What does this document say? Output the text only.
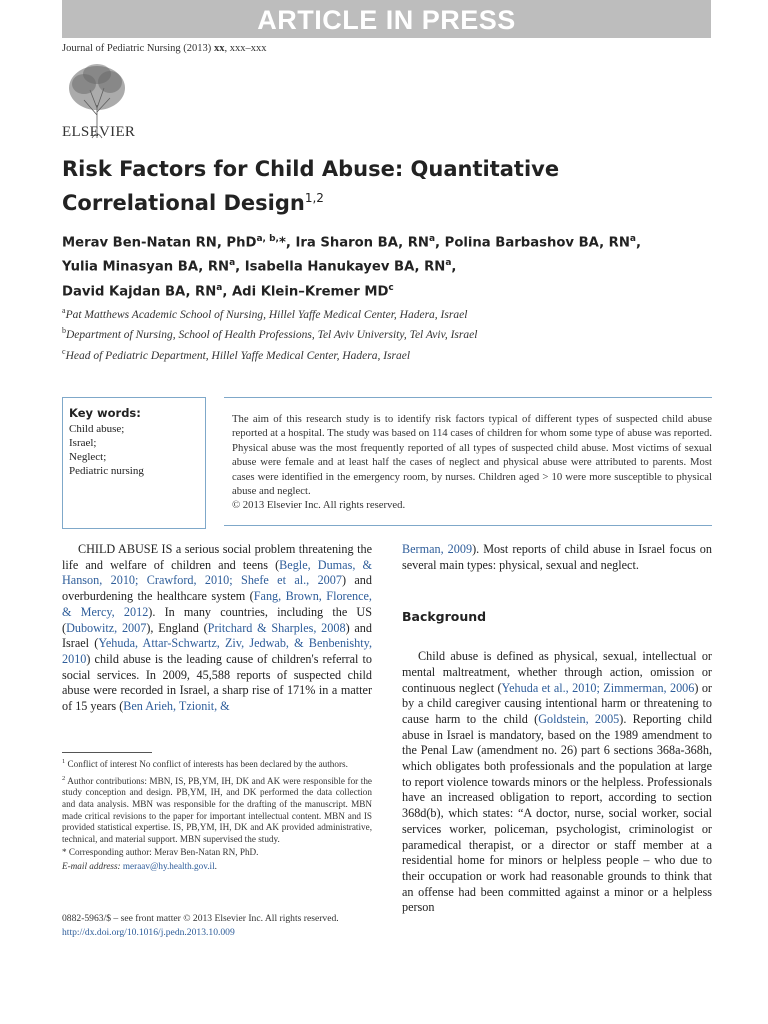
ARTICLE IN PRESS
Journal of Pediatric Nursing (2013) xx, xxx–xxx
ELSEVIER
Risk Factors for Child Abuse: Quantitative
Correlational Design$^{1,2}$
Merav Ben-Natan RN, PhD$^{a, b,}$*, Ira Sharon BA, $RN^a$, Polina Barbashov BA, $RN^a$,
Yulia Minasyan BA, $RN^a$, Isabella Hanukayev BA, $RN^a$,
David Kajdan BA, $RN^a$, Adi Klein–Kremer $MD^c$
$^a$Pat Matthews Academic School of Nursing, Hillel Yaffe Medical Center, Hadera, Israel
$^b$Department of Nursing, School of Health Professions, Tel Aviv University, Tel Aviv, Israel
$^c$Head of Pediatric Department, Hillel Yaffe Medical Center, Hadera, Israel
Key words:
Child abuse;
Israel;
Neglect;
Pediatric nursing

The aim of this research study is to identify risk factors typical of different types of suspected child abuse reported at a hospital. The study was based on 114 cases of children for whom some type of abuse was reported. Physical abuse was the most frequently reported of all types of suspected child abuse. Most victims of sexual abuse were female and at least half the cases of neglect and physical abuse were attributed to parents. Most cases were identified in the emergency room, by nurses. Children aged > 10 were more susceptible to physical abuse and neglect.

© 2013 Elsevier Inc. All rights reserved.

CHILD ABUSE IS a serious social problem threatening the life and welfare of children and teens (Begle, Dumas, & Hanson, 2010; Crawford, 2010; Shefe et al., 2007) and overburdening the healthcare system (Fang, Brown, Florence, & Mercy, 2012). In many countries, including the US (Dubowitz, 2007), England (Pritchard & Sharples, 2008) and Israel (Yehuda, Attar-Schwartz, Ziv, Jedwab, & Benbenishty, 2010) child abuse is the leading cause of children's referral to social services. In 2009, 45,588 reports of suspected child abuse were recorded in Israel, a sharp rise of 171% in a matter of 15 years (Ben Arieh, Tzionit, &

Berman, 2009). Most reports of child abuse in Israel focus on several main types: physical, sexual and neglect.

Background

Child abuse is defined as physical, sexual, intellectual or mental maltreatment, whether through action, omission or continuous neglect (Yehuda et al., 2010; Zimmerman, 2006) or by a child caregiver causing intentional harm or threatening to cause harm to the child (Goldstein, 2005). Reporting child abuse in Israel is mandatory, based on the 1989 amendment to the Penal Law (amendment no. 26) part 6 sections 368a-368h, which obligates both professionals and the population at large to report violence towards minors or the helpless. Professionals have an increased obligation to report, according to section 368d(b), which states: “A doctor, nurse, social worker, social services worker, policeman, psychologist, criminologist or paramedical therapist, or a director or staff member at a residential home for minors or helpless people – who due to their occupation or work had reasonable grounds to think that an offense had been committed against a minor or a helpless person

$^1$ Conflict of interest No conflict of interests has been declared by the authors.

$^2$ Author contributions: MBN, IS, PB,YM, IH, DK and AK were responsible for the study conception and design. PB,YM, IH, and DK performed the data collection and data analysis. MBN was responsible for the drafting of the manuscript. MBN made critical revisions to the paper for important intellectual content. MBN and IS provided statistical expertise. IS, PB,YM, IH, DK and AK provided administrative, technical, and material support. MBN supervised the study.

* Corresponding author: Merav Ben-Natan RN, PhD.

E-mail address: meraav@hy.health.gov.il.

0882-5963/$ – see front matter © 2013 Elsevier Inc. All rights reserved.
http://dx.doi.org/10.1016/j.pedn.2013.10.009
